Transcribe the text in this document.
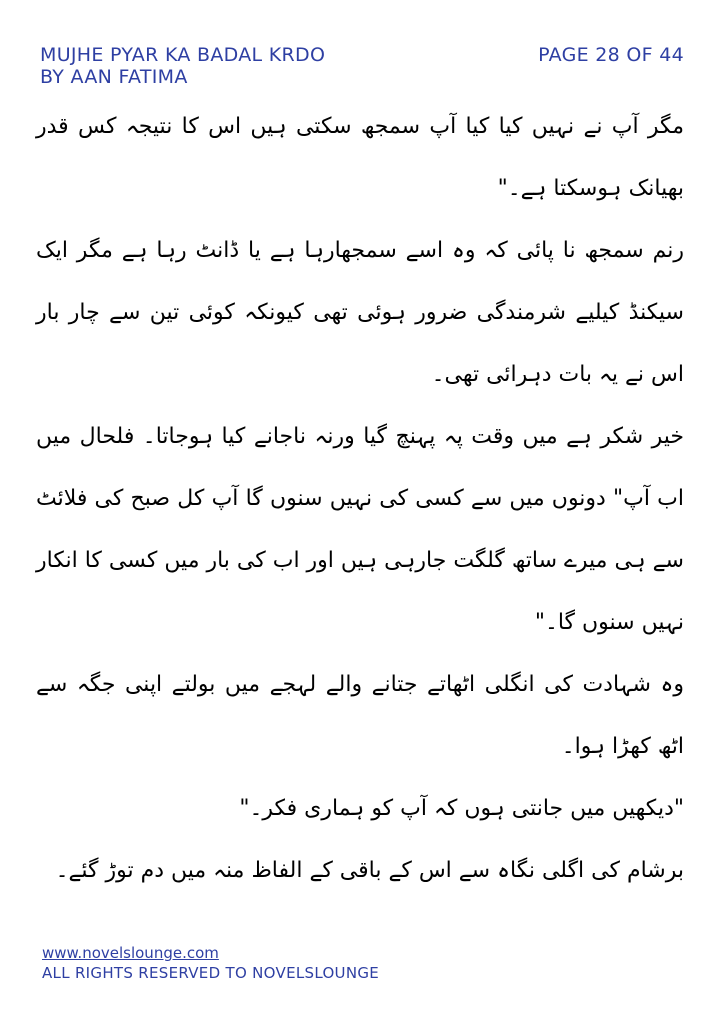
MUJHE PYAR KA BADAL KRDO
BY AAN FATIMA
PAGE 28 OF 44

مگر آپ نے نہیں کیا کیا آپ سمجھ سکتی ہیں اس کا نتیجہ کس قدر بھیانک ہوسکتا ہے۔"

رنم سمجھ نا پائی کہ وہ اسے سمجھارہا ہے یا ڈانٹ رہا ہے مگر ایک سیکنڈ کیلیے شرمندگی ضرور ہوئی تھی کیونکہ کوئی تین سے چار بار اس نے یہ بات دہرائی تھی۔

خیر شکر ہے میں وقت پہ پہنچ گیا ورنہ ناجانے کیا ہوجاتا۔ فلحال میں اب آپ" دونوں میں سے کسی کی نہیں سنوں گا آپ کل صبح کی فلائٹ سے ہی میرے ساتھ گلگت جارہی ہیں اور اب کی بار میں کسی کا انکار نہیں سنوں گا۔"

وہ شہادت کی انگلی اٹھاتے جتانے والے لہجے میں بولتے اپنی جگہ سے اٹھ کھڑا ہوا۔

"دیکھیں میں جانتی ہوں کہ آپ کو ہماری فکر۔"

برشام کی اگلی نگاہ سے اس کے باقی کے الفاظ منہ میں دم توڑ گئے۔

www.novelslounge.com
ALL RIGHTS RESERVED TO NOVELSLOUNGE
